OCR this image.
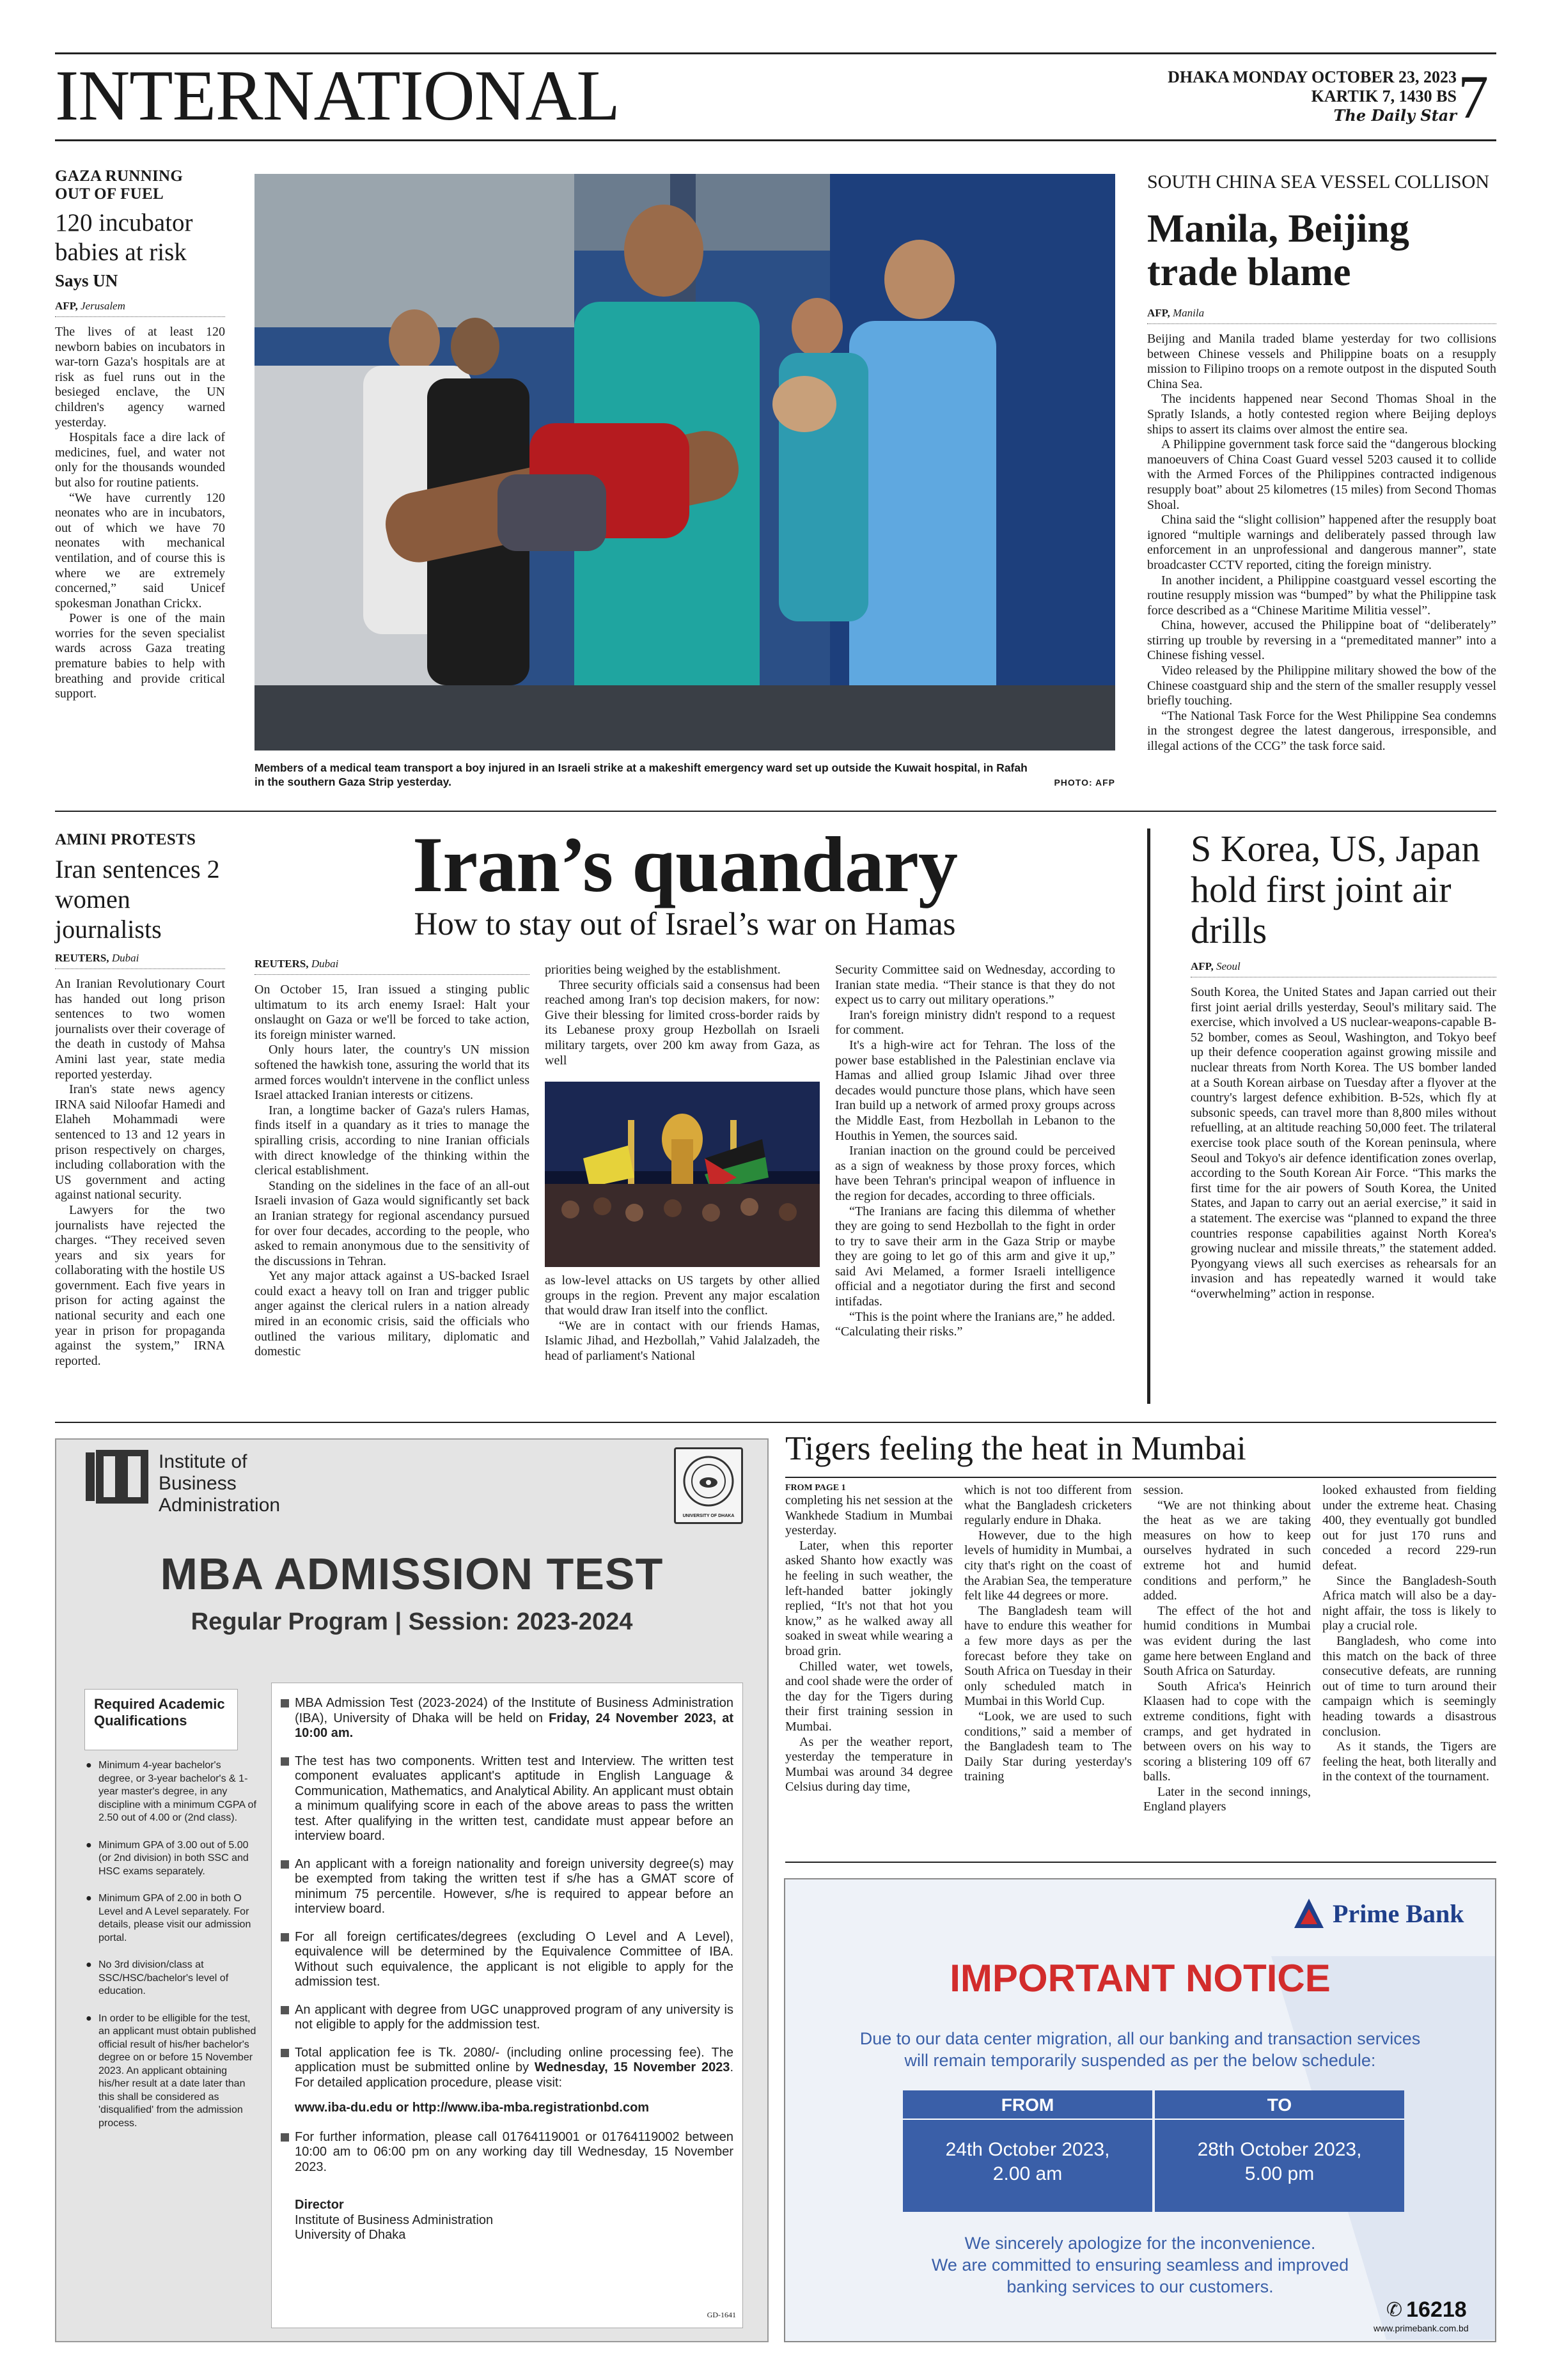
INTERNATIONAL	DHAKA MONDAY OCTOBER 23, 2023
KARTIK 7, 1430 BS
The Daily Star 7
GAZA RUNNING
OUT OF FUEL
120 incubator babies at risk
Says UN
AFP, Jerusalem

The lives of at least 120 newborn babies on incubators in war-torn Gaza's hospitals are at risk as fuel runs out in the besieged enclave, the UN children's agency warned yesterday.

Hospitals face a dire lack of medicines, fuel, and water not only for the thousands wounded but also for routine patients.

“We have currently 120 neonates who are in incubators, out of which we have 70 neonates with mechanical ventilation, and of course this is where we are extremely concerned,” said Unicef spokesman Jonathan Crickx.

Power is one of the main worries for the seven specialist wards across Gaza treating premature babies to help with breathing and provide critical support.

Members of a medical team transport a boy injured in an Israeli strike at a makeshift emergency ward set up outside the Kuwait hospital, in Rafah in the southern Gaza Strip yesterday.	PHOTO: AFP
SOUTH CHINA SEA VESSEL COLLISON
Manila, Beijing trade blame
AFP, Manila

Beijing and Manila traded blame yesterday for two collisions between Chinese vessels and Philippine boats on a resupply mission to Filipino troops on a remote outpost in the disputed South China Sea.

The incidents happened near Second Thomas Shoal in the Spratly Islands, a hotly contested region where Beijing deploys ships to assert its claims over almost the entire sea.

A Philippine government task force said the “dangerous blocking manoeuvers of China Coast Guard vessel 5203 caused it to collide with the Armed Forces of the Philippines contracted indigenous resupply boat” about 25 kilometres (15 miles) from Second Thomas Shoal.

China said the “slight collision” happened after the resupply boat ignored “multiple warnings and deliberately passed through law enforcement in an unprofessional and dangerous manner”, state broadcaster CCTV reported, citing the foreign ministry.

In another incident, a Philippine coastguard vessel escorting the routine resupply mission was “bumped” by what the Philippine task force described as a “Chinese Maritime Militia vessel”.

China, however, accused the Philippine boat of “deliberately” stirring up trouble by reversing in a “premeditated manner” into a Chinese fishing vessel.

Video released by the Philippine military showed the bow of the Chinese coastguard ship and the stern of the smaller resupply vessel briefly touching.

“The National Task Force for the West Philippine Sea condemns in the strongest degree the latest dangerous, irresponsible, and illegal actions of the CCG” the task force said.

AMINI PROTESTS
Iran sentences 2 women journalists
REUTERS, Dubai

An Iranian Revolutionary Court has handed out long prison sentences to two women journalists over their coverage of the death in custody of Mahsa Amini last year, state media reported yesterday.

Iran's state news agency IRNA said Niloofar Hamedi and Elaheh Mohammadi were sentenced to 13 and 12 years in prison respectively on charges, including collaboration with the US government and acting against national security.

Lawyers for the two journalists have rejected the charges. “They received seven years and six years for collaborating with the hostile US government. Each five years in prison for acting against the national security and each one year in prison for propaganda against the system,” IRNA reported.

Iran’s quandary
How to stay out of Israel’s war on Hamas
REUTERS, Dubai

On October 15, Iran issued a stinging public ultimatum to its arch enemy Israel: Halt your onslaught on Gaza or we'll be forced to take action, its foreign minister warned.

Only hours later, the country's UN mission softened the hawkish tone, assuring the world that its armed forces wouldn't intervene in the conflict unless Israel attacked Iranian interests or citizens.

Iran, a longtime backer of Gaza's rulers Hamas, finds itself in a quandary as it tries to manage the spiralling crisis, according to nine Iranian officials with direct knowledge of the thinking within the clerical establishment.

Standing on the sidelines in the face of an all-out Israeli invasion of Gaza would significantly set back an Iranian strategy for regional ascendancy pursued for over four decades, according to the people, who asked to remain anonymous due to the sensitivity of the discussions in Tehran.

Yet any major attack against a US-backed Israel could exact a heavy toll on Iran and trigger public anger against the clerical rulers in a nation already mired in an economic crisis, said the officials who outlined the various military, diplomatic and domestic

priorities being weighed by the establishment.

Three security officials said a consensus had been reached among Iran's top decision makers, for now: Give their blessing for limited cross-border raids by its Lebanese proxy group Hezbollah on Israeli military targets, over 200 km away from Gaza, as well

as low-level attacks on US targets by other allied groups in the region. Prevent any major escalation that would draw Iran itself into the conflict.

“We are in contact with our friends Hamas, Islamic Jihad, and Hezbollah,” Vahid Jalalzadeh, the head of parliament's National

Security Committee said on Wednesday, according to Iranian state media. “Their stance is that they do not expect us to carry out military operations.”

Iran's foreign ministry didn't respond to a request for comment.

It's a high-wire act for Tehran. The loss of the power base established in the Palestinian enclave via Hamas and allied group Islamic Jihad over three decades would puncture those plans, which have seen Iran build up a network of armed proxy groups across the Middle East, from Hezbollah in Lebanon to the Houthis in Yemen, the sources said.

Iranian inaction on the ground could be perceived as a sign of weakness by those proxy forces, which have been Tehran's principal weapon of influence in the region for decades, according to three officials.

“The Iranians are facing this dilemma of whether they are going to send Hezbollah to the fight in order to try to save their arm in the Gaza Strip or maybe they are going to let go of this arm and give it up,” said Avi Melamed, a former Israeli intelligence official and a negotiator during the first and second intifadas.

“This is the point where the Iranians are,” he added. “Calculating their risks.”

S Korea, US, Japan hold first joint air drills
AFP, Seoul

South Korea, the United States and Japan carried out their first joint aerial drills yesterday, Seoul's military said. The exercise, which involved a US nuclear-weapons-capable B-52 bomber, comes as Seoul, Washington, and Tokyo beef up their defence cooperation against growing missile and nuclear threats from North Korea. The US bomber landed at a South Korean airbase on Tuesday after a flyover at the country's largest defence exhibition. B-52s, which fly at subsonic speeds, can travel more than 8,800 miles without refuelling, at an altitude reaching 50,000 feet. The trilateral exercise took place south of the Korean peninsula, where Seoul and Tokyo's air defence identification zones overlap, according to the South Korean Air Force. “This marks the first time for the air powers of South Korea, the United States, and Japan to carry out an aerial exercise,” it said in a statement. The exercise was “planned to expand the three countries response capabilities against North Korea's growing nuclear and missile threats,” the statement added. Pyongyang views all such exercises as rehearsals for an invasion and has repeatedly warned it would take “overwhelming” action in response.

Institute of
Business
Administration
UNIVERSITY OF DHAKA
MBA ADMISSION TEST
Regular Program | Session: 2023-2024
Required Academic Qualifications
● Minimum 4-year bachelor's degree, or 3-year bachelor's & 1-year master's degree, in any discipline with a minimum CGPA of 2.50 out of 4.00 or (2nd class).
● Minimum GPA of 3.00 out of 5.00 (or 2nd division) in both SSC and HSC exams separately.
● Minimum GPA of 2.00 in both O Level and A Level separately. For details, please visit our admission portal.
● No 3rd division/class at SSC/HSC/bachelor's level of education.
● In order to be elligible for the test, an applicant must obtain published official result of his/her bachelor's degree on or before 15 November 2023. An applicant obtaining his/her result at a date later than this shall be considered as 'disqualified' from the admission process.
MBA Admission Test (2023-2024) of the Institute of Business Administration (IBA), University of Dhaka will be held on Friday, 24 November 2023, at 10:00 am.
The test has two components. Written test and Interview. The written test component evaluates applicant's aptitude in English Language & Communication, Mathematics, and Analytical Ability. An applicant must obtain a minimum qualifying score in each of the above areas to pass the written test. After qualifying in the written test, candidate must appear before an interview board.
An applicant with a foreign nationality and foreign university degree(s) may be exempted from taking the written test if s/he has a GMAT score of minimum 75 percentile. However, s/he is required to appear before an interview board.
For all foreign certificates/degrees (excluding O Level and A Level), equivalence will be determined by the Equivalence Committee of IBA. Without such equivalence, the applicant is not eligible to apply for the admission test.
An applicant with degree from UGC unapproved program of any university is not eligible to apply for the addmission test.
Total application fee is Tk. 2080/- (including online processing fee). The application must be submitted online by Wednesday, 15 November 2023. For detailed application procedure, please visit:
www.iba-du.edu or http://www.iba-mba.registrationbd.com
For further information, please call 01764119001 or 01764119002 between 10:00 am to 06:00 pm on any working day till Wednesday, 15 November 2023.
Director
Institute of Business Administration
University of Dhaka
GD-1641
Tigers feeling the heat in Mumbai
FROM PAGE 1

completing his net session at the Wankhede Stadium in Mumbai yesterday.

Later, when this reporter asked Shanto how exactly was he feeling in such weather, the left-handed batter jokingly replied, “It's not that hot you know,” as he walked away all soaked in sweat while wearing a broad grin.

Chilled water, wet towels, and cool shade were the order of the day for the Tigers during their first training session in Mumbai.

As per the weather report, yesterday the temperature in Mumbai was around 34 degree Celsius during day time,

which is not too different from what the Bangladesh cricketers regularly endure in Dhaka.

However, due to the high levels of humidity in Mumbai, a city that's right on the coast of the Arabian Sea, the temperature felt like 44 degrees or more.

The Bangladesh team will have to endure this weather for a few more days as per the forecast before they take on South Africa on Tuesday in their only scheduled match in Mumbai in this World Cup.

“Look, we are used to such conditions,” said a member of the Bangladesh team to The Daily Star during yesterday's training

session.

“We are not thinking about the heat as we are taking measures on how to keep ourselves hydrated in such extreme hot and humid conditions and perform,” he added.

The effect of the hot and humid conditions in Mumbai was evident during the last game here between England and South Africa on Saturday.

South Africa's Heinrich Klaasen had to cope with the extreme conditions, fight with cramps, and get hydrated in between overs on his way to scoring a blistering 109 off 67 balls.

Later in the second innings, England players

looked exhausted from fielding under the extreme heat. Chasing 400, they eventually got bundled out for just 170 runs and conceded a record 229-run defeat.

Since the Bangladesh-South Africa match will also be a day-night affair, the toss is likely to play a crucial role.

Bangladesh, who come into this match on the back of three consecutive defeats, are running out of time to turn around their campaign which is seemingly heading towards a disastrous conclusion.

As it stands, the Tigers are feeling the heat, both literally and in the context of the tournament.

Prime Bank
IMPORTANT NOTICE
Due to our data center migration, all our banking and transaction services
will remain temporarily suspended as per the below schedule:
FROM
24th October 2023,
2.00 am
TO
28th October 2023,
5.00 pm
We sincerely apologize for the inconvenience.
We are committed to ensuring seamless and improved
banking services to our customers.
✆ 16218
www.primebank.com.bd
